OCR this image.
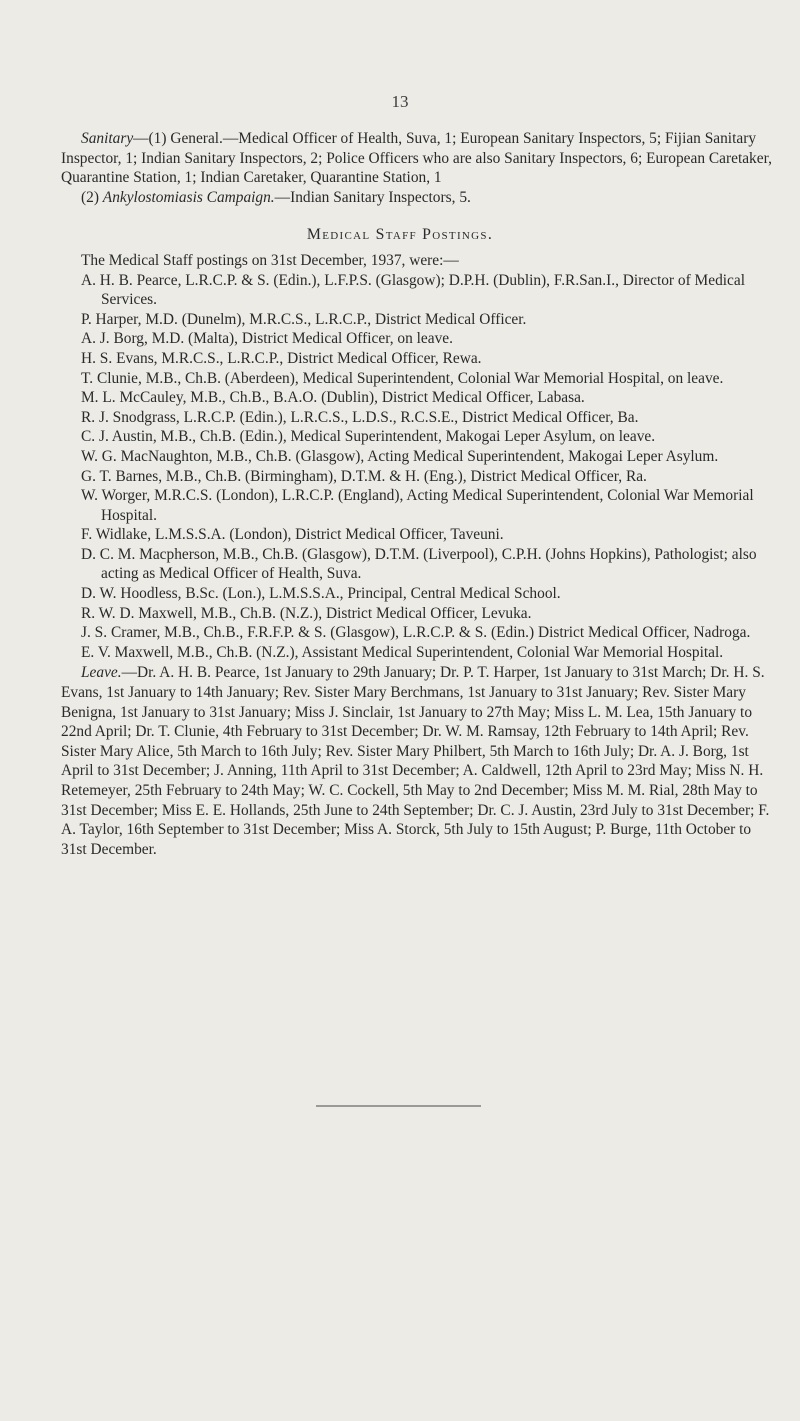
13
Sanitary—(1) General.—Medical Officer of Health, Suva, 1; European Sanitary Inspectors, 5; Fijian Sanitary Inspector, 1; Indian Sanitary Inspectors, 2; Police Officers who are also Sanitary Inspectors, 6; European Caretaker, Quarantine Station, 1; Indian Caretaker, Quarantine Station, 1
(2) Ankylostomiasis Campaign.—Indian Sanitary Inspectors, 5.
Medical Staff Postings.
The Medical Staff postings on 31st December, 1937, were:—
A. H. B. Pearce, L.R.C.P. & S. (Edin.), L.F.P.S. (Glasgow); D.P.H. (Dublin), F.R.San.I., Director of Medical Services.
P. Harper, M.D. (Dunelm), M.R.C.S., L.R.C.P., District Medical Officer.
A. J. Borg, M.D. (Malta), District Medical Officer, on leave.
H. S. Evans, M.R.C.S., L.R.C.P., District Medical Officer, Rewa.
T. Clunie, M.B., Ch.B. (Aberdeen), Medical Superintendent, Colonial War Memorial Hospital, on leave.
M. L. McCauley, M.B., Ch.B., B.A.O. (Dublin), District Medical Officer, Labasa.
R. J. Snodgrass, L.R.C.P. (Edin.), L.R.C.S., L.D.S., R.C.S.E., District Medical Officer, Ba.
C. J. Austin, M.B., Ch.B. (Edin.), Medical Superintendent, Makogai Leper Asylum, on leave.
W. G. MacNaughton, M.B., Ch.B. (Glasgow), Acting Medical Superintendent, Makogai Leper Asylum.
G. T. Barnes, M.B., Ch.B. (Birmingham), D.T.M. & H. (Eng.), District Medical Officer, Ra.
W. Worger, M.R.C.S. (London), L.R.C.P. (England), Acting Medical Superintendent, Colonial War Memorial Hospital.
F. Widlake, L.M.S.S.A. (London), District Medical Officer, Taveuni.
D. C. M. Macpherson, M.B., Ch.B. (Glasgow), D.T.M. (Liverpool), C.P.H. (Johns Hopkins), Pathologist; also acting as Medical Officer of Health, Suva.
D. W. Hoodless, B.Sc. (Lon.), L.M.S.S.A., Principal, Central Medical School.
R. W. D. Maxwell, M.B., Ch.B. (N.Z.), District Medical Officer, Levuka.
J. S. Cramer, M.B., Ch.B., F.R.F.P. & S. (Glasgow), L.R.C.P. & S. (Edin.) District Medical Officer, Nadroga.
E. V. Maxwell, M.B., Ch.B. (N.Z.), Assistant Medical Superintendent, Colonial War Memorial Hospital.
Leave.—Dr. A. H. B. Pearce, 1st January to 29th January; Dr. P. T. Harper, 1st January to 31st March; Dr. H. S. Evans, 1st January to 14th January; Rev. Sister Mary Berchmans, 1st January to 31st January; Rev. Sister Mary Benigna, 1st January to 31st January; Miss J. Sinclair, 1st January to 27th May; Miss L. M. Lea, 15th January to 22nd April; Dr. T. Clunie, 4th February to 31st December; Dr. W. M. Ramsay, 12th February to 14th April; Rev. Sister Mary Alice, 5th March to 16th July; Rev. Sister Mary Philbert, 5th March to 16th July; Dr. A. J. Borg, 1st April to 31st December; J. Anning, 11th April to 31st December; A. Caldwell, 12th April to 23rd May; Miss N. H. Retemeyer, 25th February to 24th May; W. C. Cockell, 5th May to 2nd December; Miss M. M. Rial, 28th May to 31st December; Miss E. E. Hollands, 25th June to 24th September; Dr. C. J. Austin, 23rd July to 31st December; F. A. Taylor, 16th September to 31st December; Miss A. Storck, 5th July to 15th August; P. Burge, 11th October to 31st December.
